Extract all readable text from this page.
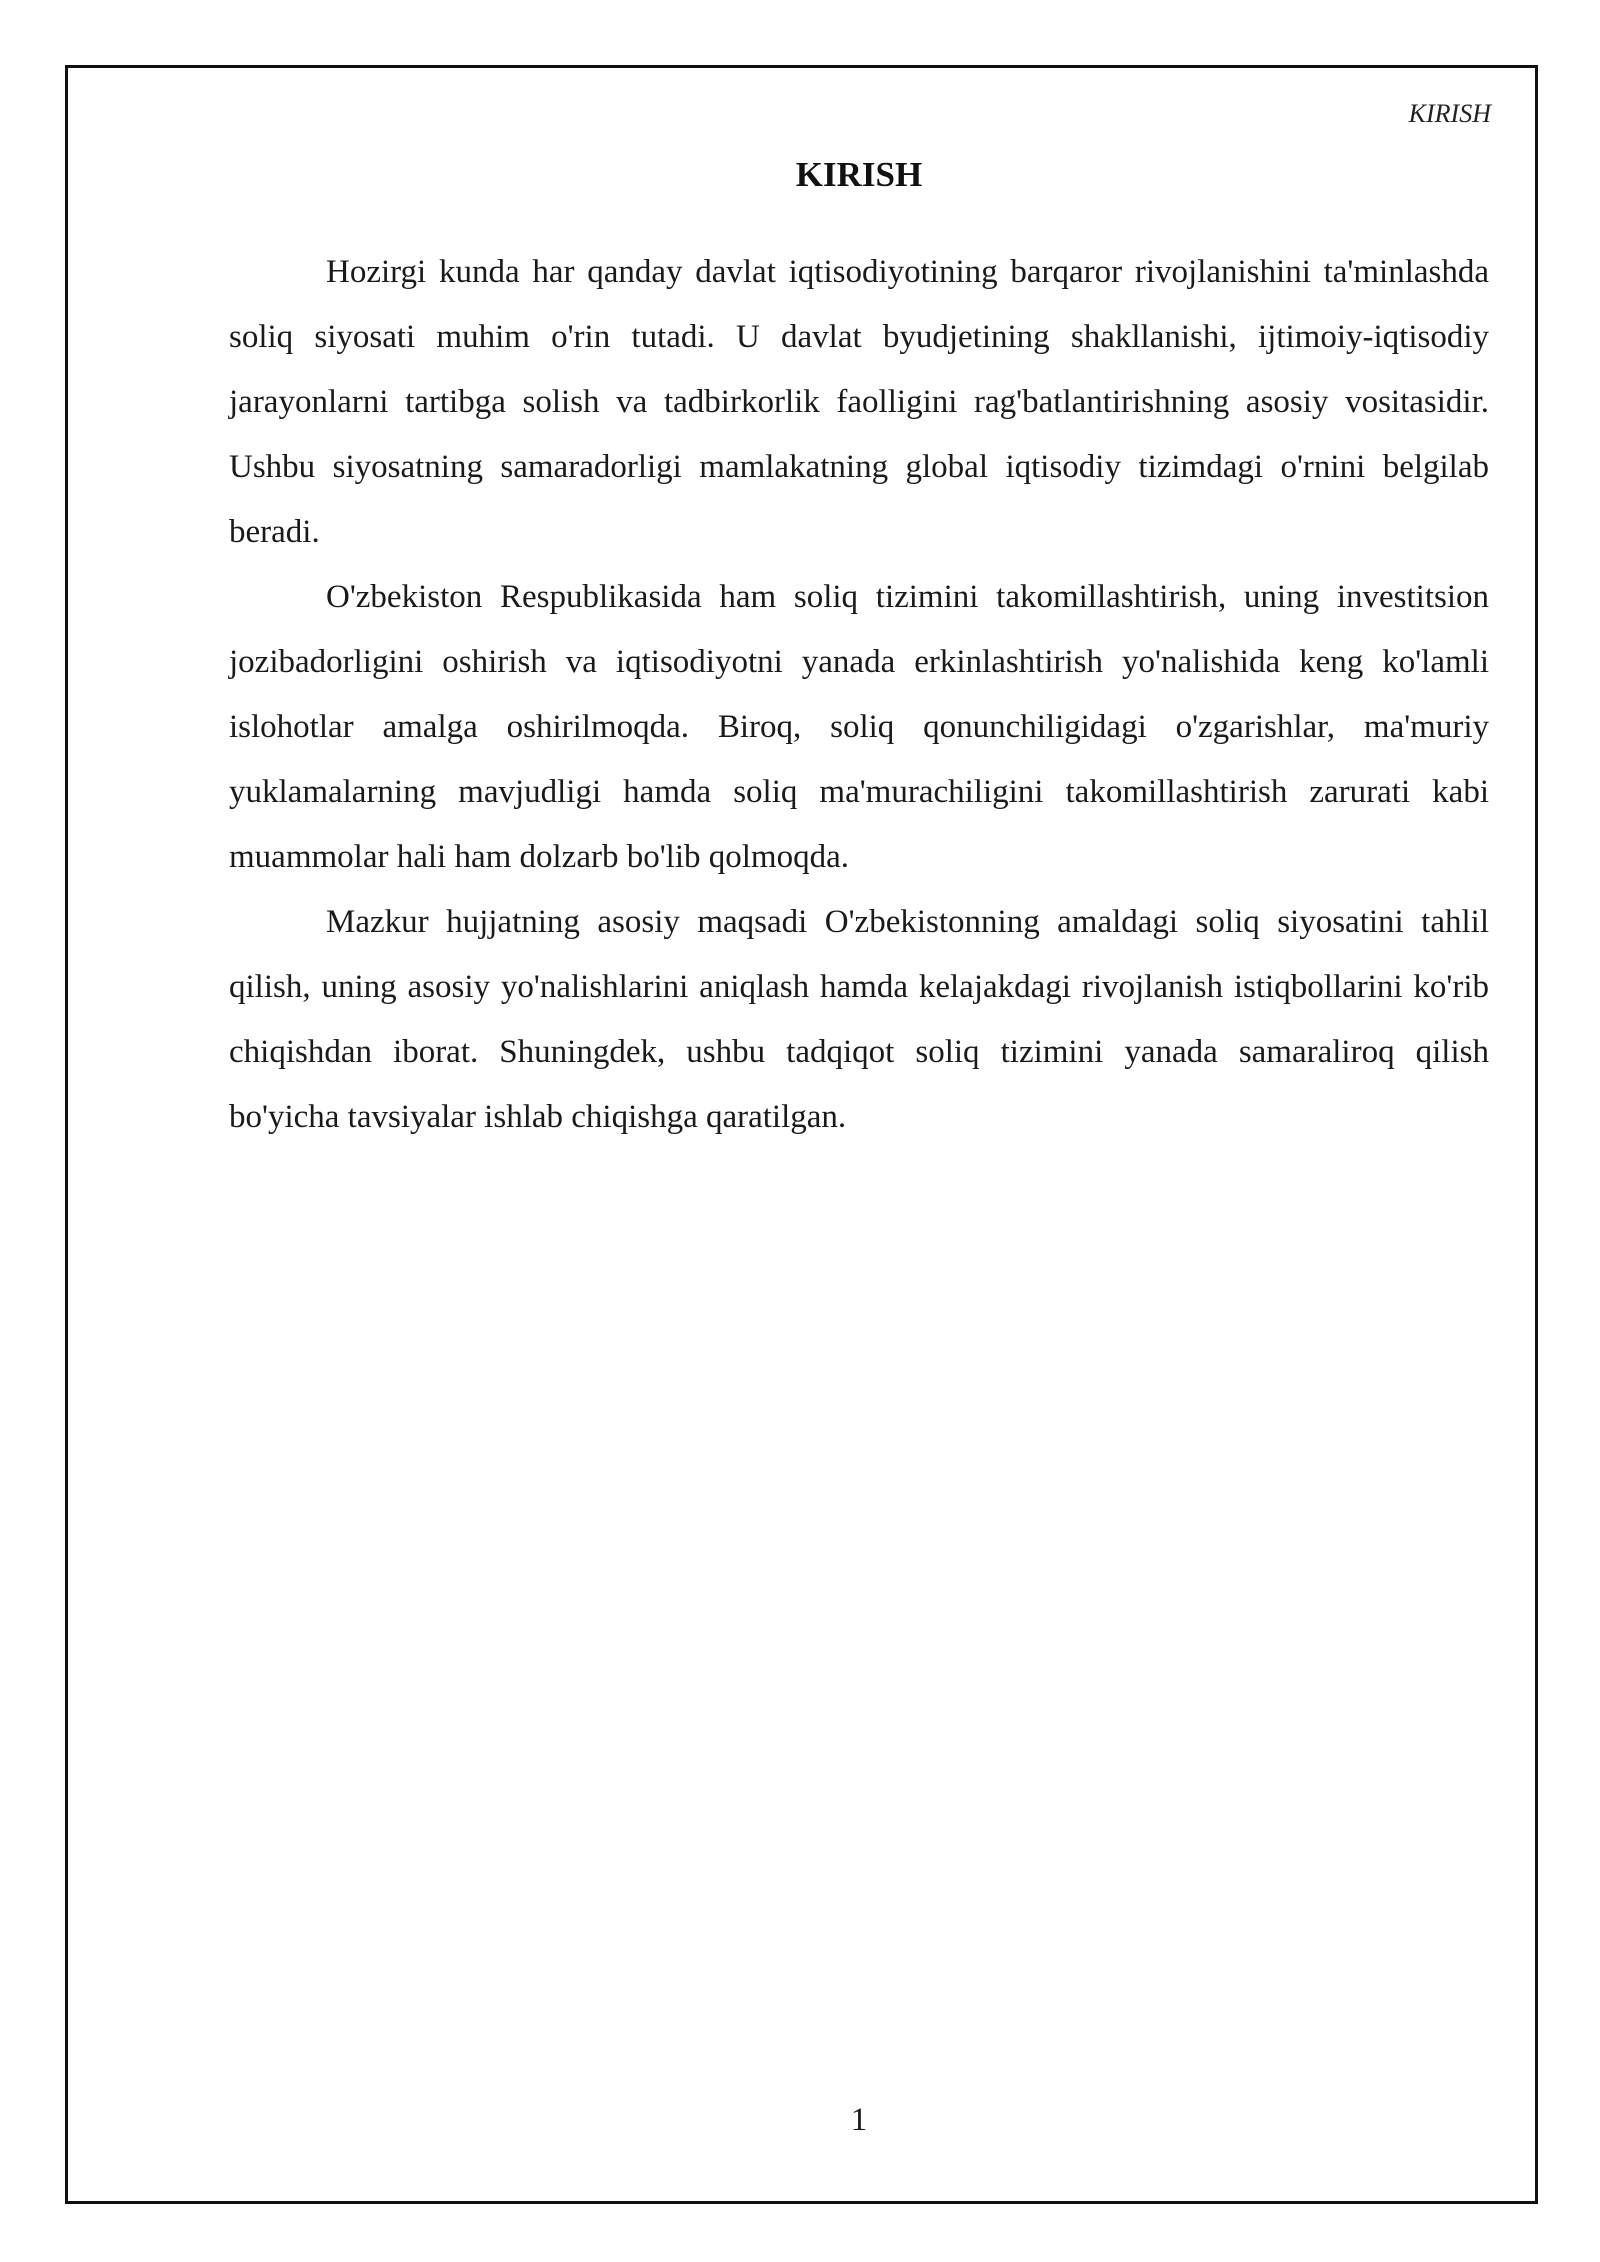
KIRISH
KIRISH

Hozirgi kunda har qanday davlat iqtisodiyotining barqaror rivojlanishini ta'minlashda soliq siyosati muhim o'rin tutadi. U davlat byudjetining shakllanishi, ijtimoiy-iqtisodiy jarayonlarni tartibga solish va tadbirkorlik faolligini rag'batlantirishning asosiy vositasidir. Ushbu siyosatning samaradorligi mamlakatning global iqtisodiy tizimdagi o'rnini belgilab beradi.

O'zbekiston Respublikasida ham soliq tizimini takomillashtirish, uning investitsion jozibadorligini oshirish va iqtisodiyotni yanada erkinlashtirish yo'nalishida keng ko'lamli islohotlar amalga oshirilmoqda. Biroq, soliq qonunchiligidagi o'zgarishlar, ma'muriy yuklamalarning mavjudligi hamda soliq ma'murachiligini takomillashtirish zarurati kabi muammolar hali ham dolzarb bo'lib qolmoqda.

Mazkur hujjatning asosiy maqsadi O'zbekistonning amaldagi soliq siyosatini tahlil qilish, uning asosiy yo'nalishlarini aniqlash hamda kelajakdagi rivojlanish istiqbollarini ko'rib chiqishdan iborat. Shuningdek, ushbu tadqiqot soliq tizimini yanada samaraliroq qilish bo'yicha tavsiyalar ishlab chiqishga qaratilgan.

1
